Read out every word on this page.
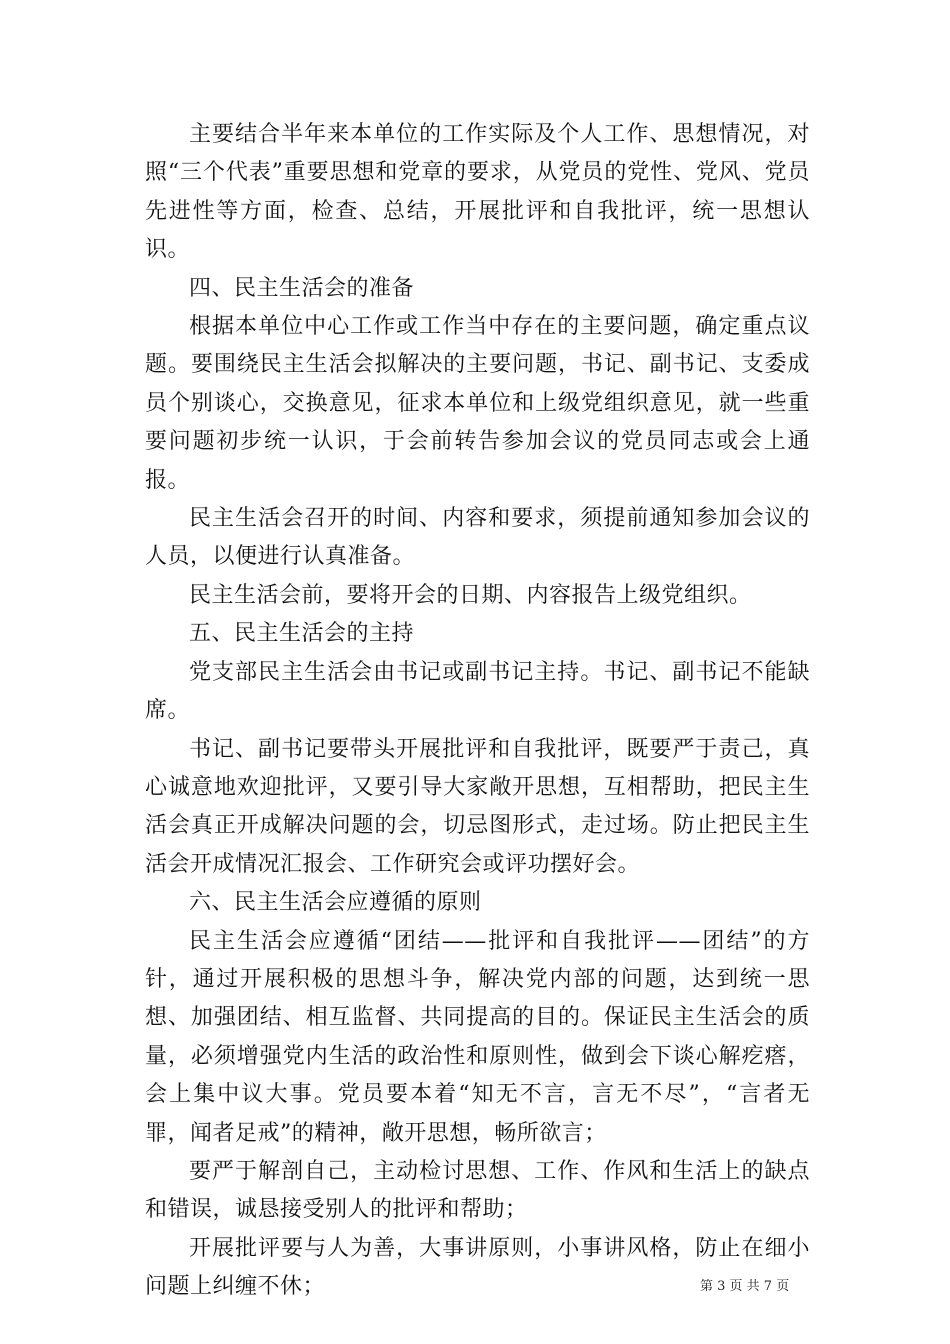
主要结合半年来本单位的工作实际及个人工作、思想情况，对照“三个代表”重要思想和党章的要求，从党员的党性、党风、党员先进性等方面，检查、总结，开展批评和自我批评，统一思想认识。

四、民主生活会的准备

根据本单位中心工作或工作当中存在的主要问题，确定重点议题。要围绕民主生活会拟解决的主要问题，书记、副书记、支委成员个别谈心，交换意见，征求本单位和上级党组织意见，就一些重要问题初步统一认识，于会前转告参加会议的党员同志或会上通报。

民主生活会召开的时间、内容和要求，须提前通知参加会议的人员，以便进行认真准备。

民主生活会前，要将开会的日期、内容报告上级党组织。

五、民主生活会的主持

党支部民主生活会由书记或副书记主持。书记、副书记不能缺席。

书记、副书记要带头开展批评和自我批评，既要严于责己，真心诚意地欢迎批评，又要引导大家敞开思想，互相帮助，把民主生活会真正开成解决问题的会，切忌图形式，走过场。防止把民主生活会开成情况汇报会、工作研究会或评功摆好会。

六、民主生活会应遵循的原则

民主生活会应遵循“团结——批评和自我批评——团结”的方针，通过开展积极的思想斗争，解决党内部的问题，达到统一思想、加强团结、相互监督、共同提高的目的。保证民主生活会的质量，必须增强党内生活的政治性和原则性，做到会下谈心解疙瘩，会上集中议大事。党员要本着“知无不言，言无不尽”，“言者无罪，闻者足戒”的精神，敞开思想，畅所欲言；

要严于解剖自己，主动检讨思想、工作、作风和生活上的缺点和错误，诚恳接受别人的批评和帮助；

开展批评要与人为善，大事讲原则，小事讲风格，防止在细小问题上纠缠不休；	第 3 页 共 7 页
